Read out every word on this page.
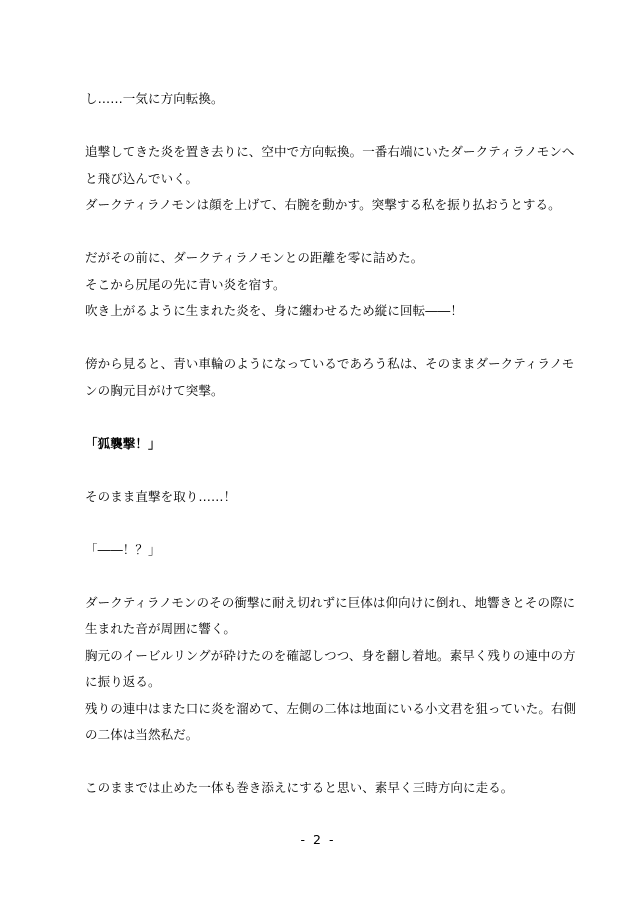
し……一気に方向転換。
追撃してきた炎を置き去りに、空中で方向転換。一番右端にいたダークティラノモンへ
と飛び込んでいく。
ダークティラノモンは顔を上げて、右腕を動かす。突撃する私を振り払おうとする。
だがその前に、ダークティラノモンとの距離を零に詰めた。
そこから尻尾の先に青い炎を宿す。
吹き上がるように生まれた炎を、身に纏わせるため縦に回転――！
傍から見ると、青い車輪のようになっているであろう私は、そのままダークティラノモ
ンの胸元目がけて突撃。
「狐襲撃！」
そのまま直撃を取り……！
「――！？」
ダークティラノモンのその衝撃に耐え切れずに巨体は仰向けに倒れ、地響きとその際に
生まれた音が周囲に響く。
胸元のイービルリングが砕けたのを確認しつつ、身を翻し着地。素早く残りの連中の方
に振り返る。
残りの連中はまた口に炎を溜めて、左側の二体は地面にいる小文君を狙っていた。右側
の二体は当然私だ。
このままでは止めた一体も巻き添えにすると思い、素早く三時方向に走る。
- 2 -
